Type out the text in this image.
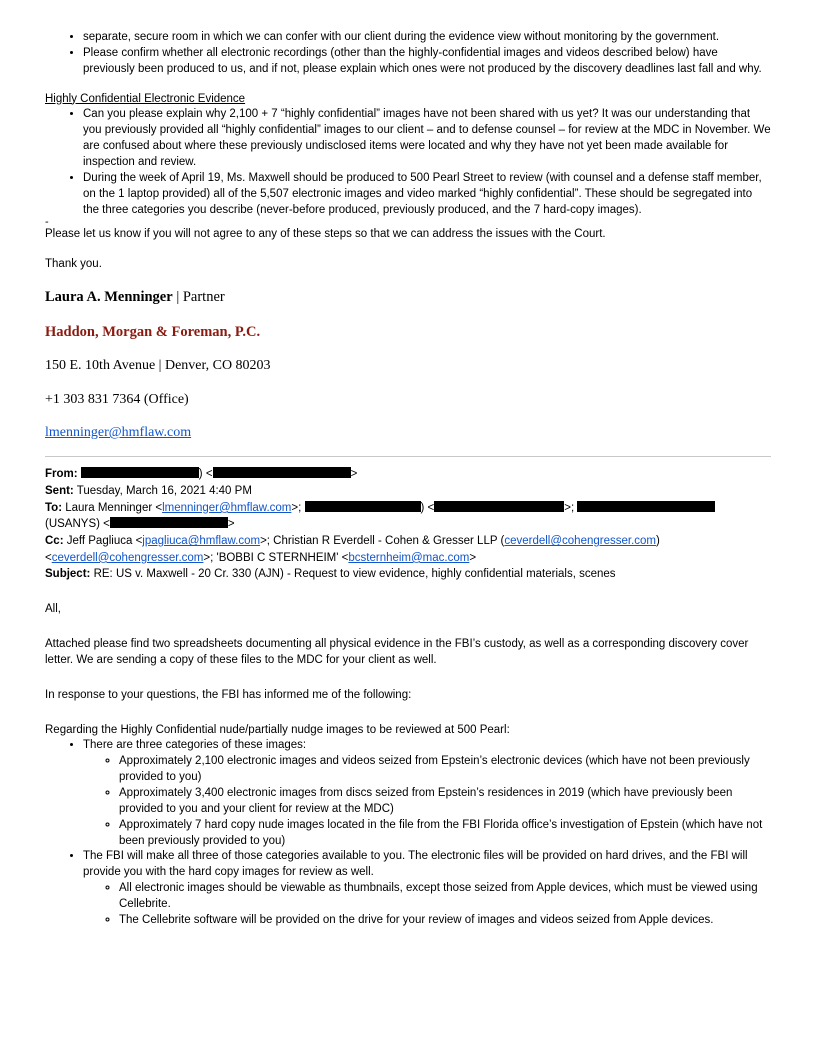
• separate, secure room in which we can confer with our client during the evidence view without monitoring by the government.
• Please confirm whether all electronic recordings (other than the highly-confidential images and videos described below) have previously been produced to us, and if not, please explain which ones were not produced by the discovery deadlines last fall and why.

Highly Confidential Electronic Evidence

• Can you please explain why 2,100 + 7 “highly confidential” images have not been shared with us yet? It was our understanding that you previously provided all “highly confidential” images to our client – and to defense counsel – for review at the MDC in November. We are confused about where these previously undisclosed items were located and why they have not yet been made available for inspection and review.
• During the week of April 19, Ms. Maxwell should be produced to 500 Pearl Street to review (with counsel and a defense staff member, on the 1 laptop provided) all of the 5,507 electronic images and video marked “highly confidential”. These should be segregated into the three categories you describe (never-before produced, previously produced, and the 7 hard-copy images).

-

Please let us know if you will not agree to any of these steps so that we can address the issues with the Court.

Thank you.

Laura A. Menninger | Partner

Haddon, Morgan & Foreman, P.C.

150 E. 10th Avenue | Denver, CO 80203

+1 303 831 7364 (Office)

lmenninger@hmflaw.com

From:	) <	>

Sent: Tuesday, March 16, 2021 4:40 PM

To: Laura Menninger <lmenninger@hmflaw.com>;	) <	>;

(USANYS) <	>

Cc: Jeff Pagliuca <jpagliuca@hmflaw.com>; Christian R Everdell - Cohen & Gresser LLP (ceverdell@cohengresser.com)

<ceverdell@cohengresser.com>; 'BOBBI C STERNHEIM' <bcsternheim@mac.com>

Subject: RE: US v. Maxwell - 20 Cr. 330 (AJN) - Request to view evidence, highly confidential materials, scenes

All,

Attached please find two spreadsheets documenting all physical evidence in the FBI’s custody, as well as a corresponding discovery cover letter. We are sending a copy of these files to the MDC for your client as well.

In response to your questions, the FBI has informed me of the following:

Regarding the Highly Confidential nude/partially nudge images to be reviewed at 500 Pearl:

• There are three categories of these images:
◦ Approximately 2,100 electronic images and videos seized from Epstein’s electronic devices (which have not been previously provided to you)
◦ Approximately 3,400 electronic images from discs seized from Epstein’s residences in 2019 (which have previously been provided to you and your client for review at the MDC)
◦ Approximately 7 hard copy nude images located in the file from the FBI Florida office’s investigation of Epstein (which have not been previously provided to you)
• The FBI will make all three of those categories available to you. The electronic files will be provided on hard drives, and the FBI will provide you with the hard copy images for review as well.
◦ All electronic images should be viewable as thumbnails, except those seized from Apple devices, which must be viewed using Cellebrite.
◦ The Cellebrite software will be provided on the drive for your review of images and videos seized from Apple devices.
